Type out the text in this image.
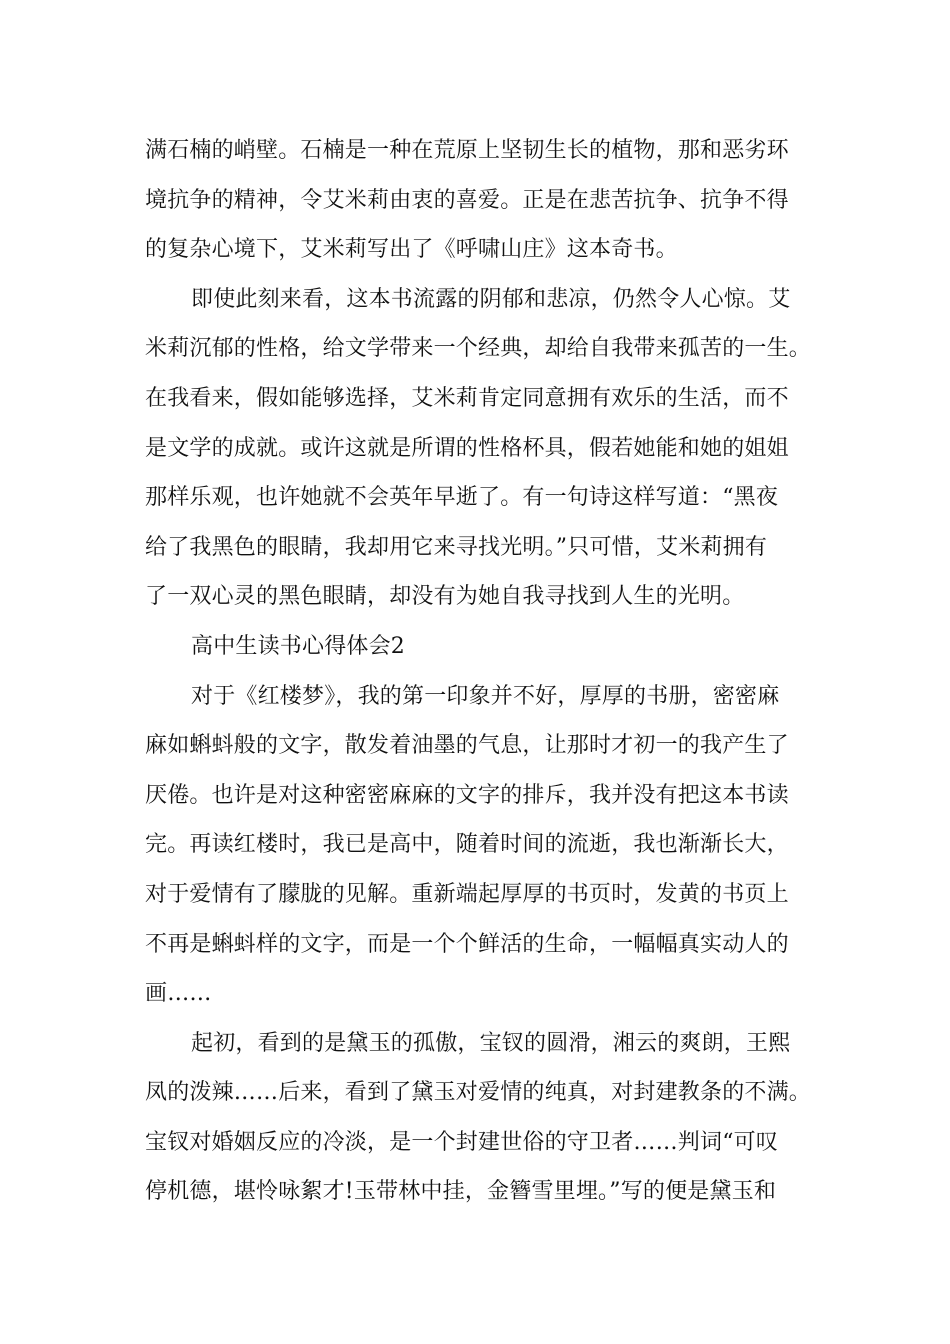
满石楠的峭壁。石楠是一种在荒原上坚韧生长的植物，那和恶劣环
境抗争的精神，令艾米莉由衷的喜爱。正是在悲苦抗争、抗争不得
的复杂心境下，艾米莉写出了《呼啸山庄》这本奇书。
即使此刻来看，这本书流露的阴郁和悲凉，仍然令人心惊。艾
米莉沉郁的性格，给文学带来一个经典，却给自我带来孤苦的一生。
在我看来，假如能够选择，艾米莉肯定同意拥有欢乐的生活，而不
是文学的成就。或许这就是所谓的性格杯具，假若她能和她的姐姐
那样乐观，也许她就不会英年早逝了。有一句诗这样写道：“黑夜
给了我黑色的眼睛，我却用它来寻找光明。”只可惜，艾米莉拥有
了一双心灵的黑色眼睛，却没有为她自我寻找到人生的光明。
高中生读书心得体会2
对于《红楼梦》，我的第一印象并不好，厚厚的书册，密密麻
麻如蝌蚪般的文字，散发着油墨的气息，让那时才初一的我产生了
厌倦。也许是对这种密密麻麻的文字的排斥，我并没有把这本书读
完。再读红楼时，我已是高中，随着时间的流逝，我也渐渐长大，
对于爱情有了朦胧的见解。重新端起厚厚的书页时，发黄的书页上
不再是蝌蚪样的文字，而是一个个鲜活的生命，一幅幅真实动人的
画……
起初，看到的是黛玉的孤傲，宝钗的圆滑，湘云的爽朗，王熙
凤的泼辣……后来，看到了黛玉对爱情的纯真，对封建教条的不满。
宝钗对婚姻反应的冷淡，是一个封建世俗的守卫者……判词“可叹
停机德，堪怜咏絮才!玉带林中挂，金簪雪里埋。”写的便是黛玉和
